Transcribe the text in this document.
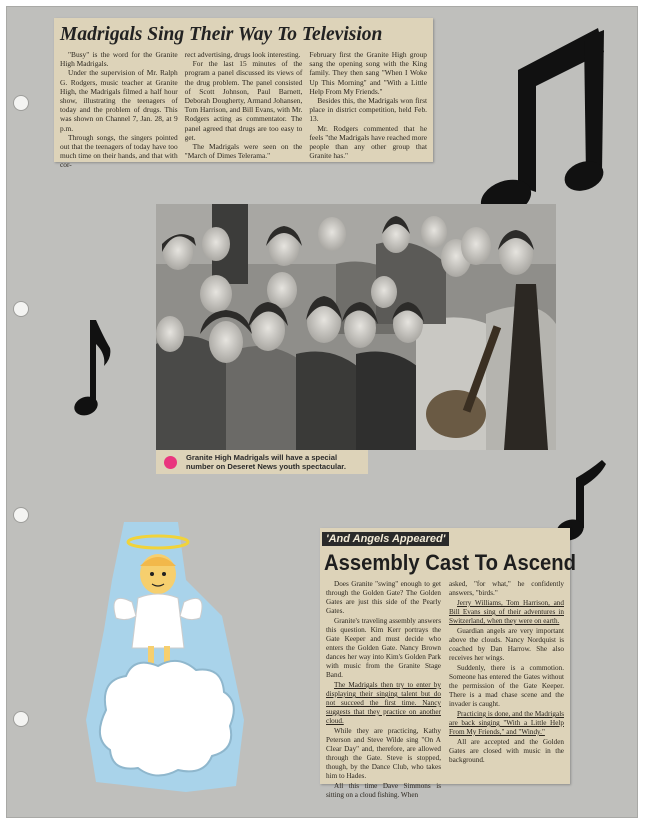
Madrigals Sing Their Way To Television

"Busy" is the word for the Granite High Madrigals.

Under the supervision of Mr. Ralph G. Rodgers, music teacher at Granite High, the Madrigals filmed a half hour show, illustrating the teenagers of today and the problem of drugs. This was shown on Channel 7, Jan. 28, at 9 p.m.

Through songs, the singers pointed out that the teenagers of today have too much time on their hands, and that with cor-

rect advertising, drugs look interesting.

For the last 15 minutes of the program a panel discussed its views of the drug problem. The panel consisted of Scott Johnson, Paul Barnett, Deborah Dougherty, Armand Johansen, Tom Harrison, and Bill Evans, with Mr. Rodgers acting as commentator. The panel agreed that drugs are too easy to get.

The Madrigals were seen on the "March of Dimes Telerama."

February first the Granite High group sang the opening song with the King family. They then sang "When I Woke Up This Morning" and "With a Little Help From My Friends."

Besides this, the Madrigals won first place in district competition, held Feb. 13.

Mr. Rodgers commented that he feels "the Madrigals have reached more people than any other group that Granite has."

Granite High Madrigals will have a special number on Deseret News youth spectacular.
'And Angels Appeared'
Assembly Cast To Ascend

Does Granite "swing" enough to get through the Golden Gate? The Golden Gates are just this side of the Pearly Gates.

Granite's traveling assembly answers this question. Kim Kerr portrays the Gate Keeper and must decide who enters the Golden Gate. Nancy Brown dances her way into Kim's Golden Park with music from the Granite Stage Band.

The Madrigals then try to enter by displaying their singing talent but do not succeed the first time. Nancy suggests that they practice on another cloud.

While they are practicing, Kathy Peterson and Steve Wilde sing "On A Clear Day" and, therefore, are allowed through the Gate. Steve is stopped, though, by the Dance Club, who takes him to Hades.

All this time Dave Simmons is sitting on a cloud fishing. When

asked, "for what," he confidently answers, "birds."

Jerry Williams, Tom Harrison, and Bill Evans sing of their adventures in Switzerland, when they were on earth.

Guardian angels are very important above the clouds. Nancy Nordquist is coached by Dan Harrow. She also receives her wings.

Suddenly, there is a commotion. Someone has entered the Gates without the permission of the Gate Keeper. There is a mad chase scene and the invader is caught.

Practicing is done, and the Madrigals are back singing "With a Little Help From My Friends," and "Windy."

All are accepted and the Golden Gates are closed with music in the background.
